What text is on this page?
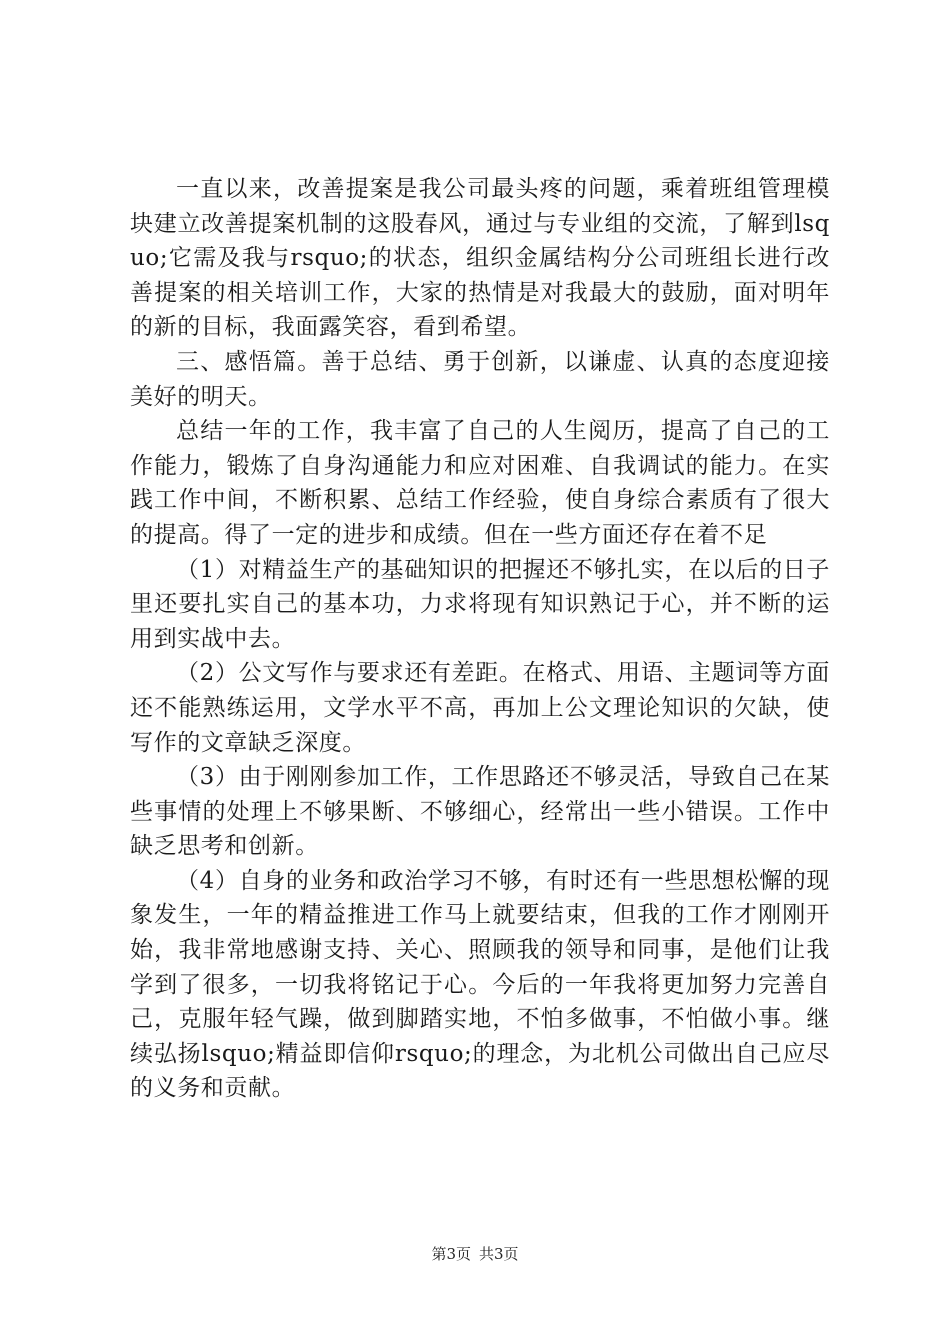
一直以来，改善提案是我公司最头疼的问题，乘着班组管理模块建立改善提案机制的这股春风，通过与专业组的交流，了解到lsquo;它需及我与rsquo;的状态，组织金属结构分公司班组长进行改善提案的相关培训工作，大家的热情是对我最大的鼓励，面对明年的新的目标，我面露笑容，看到希望。

三、感悟篇。善于总结、勇于创新，以谦虚、认真的态度迎接美好的明天。

总结一年的工作，我丰富了自己的人生阅历，提高了自己的工作能力，锻炼了自身沟通能力和应对困难、自我调试的能力。在实践工作中间，不断积累、总结工作经验，使自身综合素质有了很大的提高。得了一定的进步和成绩。但在一些方面还存在着不足

（1）对精益生产的基础知识的把握还不够扎实，在以后的日子里还要扎实自己的基本功，力求将现有知识熟记于心，并不断的运用到实战中去。

（2）公文写作与要求还有差距。在格式、用语、主题词等方面还不能熟练运用，文学水平不高，再加上公文理论知识的欠缺，使写作的文章缺乏深度。

（3）由于刚刚参加工作，工作思路还不够灵活，导致自己在某些事情的处理上不够果断、不够细心，经常出一些小错误。工作中缺乏思考和创新。

（4）自身的业务和政治学习不够，有时还有一些思想松懈的现象发生，一年的精益推进工作马上就要结束，但我的工作才刚刚开始，我非常地感谢支持、关心、照顾我的领导和同事，是他们让我学到了很多，一切我将铭记于心。今后的一年我将更加努力完善自己，克服年轻气躁，做到脚踏实地，不怕多做事，不怕做小事。继续弘扬lsquo;精益即信仰rsquo;的理念，为北机公司做出自己应尽的义务和贡献。

第3页 共3页
